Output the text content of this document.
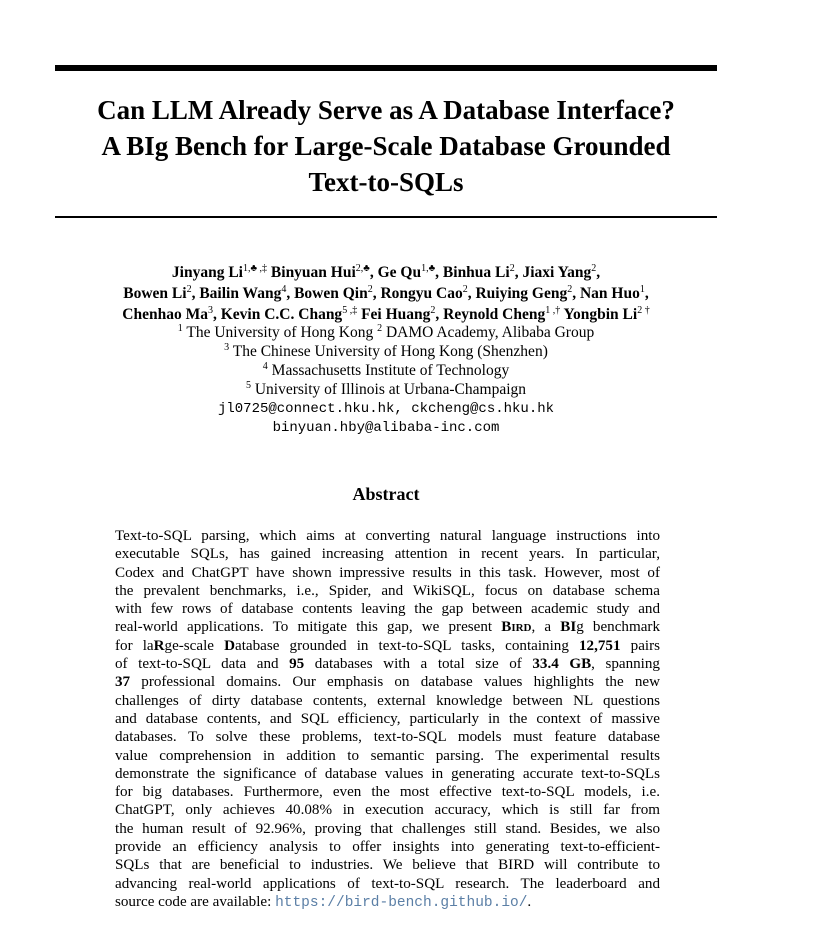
Can LLM Already Serve as A Database Interface?
A BIg Bench for Large-Scale Database Grounded
Text-to-SQLs
Jinyang $Li^{1,♣ ,\ddagger}$ Binyuan Hui$^{2,♣}$, Ge $Qu^{1,♣}$, Binhua Li$^2$, Jiaxi Yang$^2$,
Bowen Li$^2$, Bailin Wang$^4$, Bowen Qin$^2$, Rongyu Cao$^2$, Ruiying Geng$^2$, Nan Huo$^1$,
Chenhao Ma$^3$, Kevin C.C. Chang$^{5 ,\ddagger}$ Fei Huang$^2$, Reynold Cheng$^{1 ,\dagger}$ Yongbin $Li^{2 \dagger}$
$^1$ The University of Hong Kong $^2$ DAMO Academy, Alibaba Group
$^3$ The Chinese University of Hong Kong (Shenzhen)
$^4$ Massachusetts Institute of Technology
$^5$ University of Illinois at Urbana-Champaign
jl0725@connect.hku.hk, ckcheng@cs.hku.hk
binyuan.hby@alibaba-inc.com
Abstract
Text-to-SQL parsing, which aims at converting natural language instructions into
executable SQLs, has gained increasing attention in recent years. In particular,
Codex and ChatGPT have shown impressive results in this task. However, most of
the prevalent benchmarks, i.e., Spider, and WikiSQL, focus on database schema
with few rows of database contents leaving the gap between academic study and
real-world applications. To mitigate this gap, we present Bird, a BIg benchmark
for laRge-scale Database grounded in text-to-SQL tasks, containing 12,751 pairs
of text-to-SQL data and 95 databases with a total size of 33.4 GB, spanning
37 professional domains. Our emphasis on database values highlights the new
challenges of dirty database contents, external knowledge between NL questions
and database contents, and SQL efficiency, particularly in the context of massive
databases. To solve these problems, text-to-SQL models must feature database
value comprehension in addition to semantic parsing. The experimental results
demonstrate the significance of database values in generating accurate text-to-SQLs
for big databases. Furthermore, even the most effective text-to-SQL models, i.e.
ChatGPT, only achieves 40.08% in execution accuracy, which is still far from
the human result of 92.96%, proving that challenges still stand. Besides, we also
provide an efficiency analysis to offer insights into generating text-to-efficient-
SQLs that are beneficial to industries. We believe that BIRD will contribute to
advancing real-world applications of text-to-SQL research. The leaderboard and
source code are available: https://bird-bench.github.io/.
